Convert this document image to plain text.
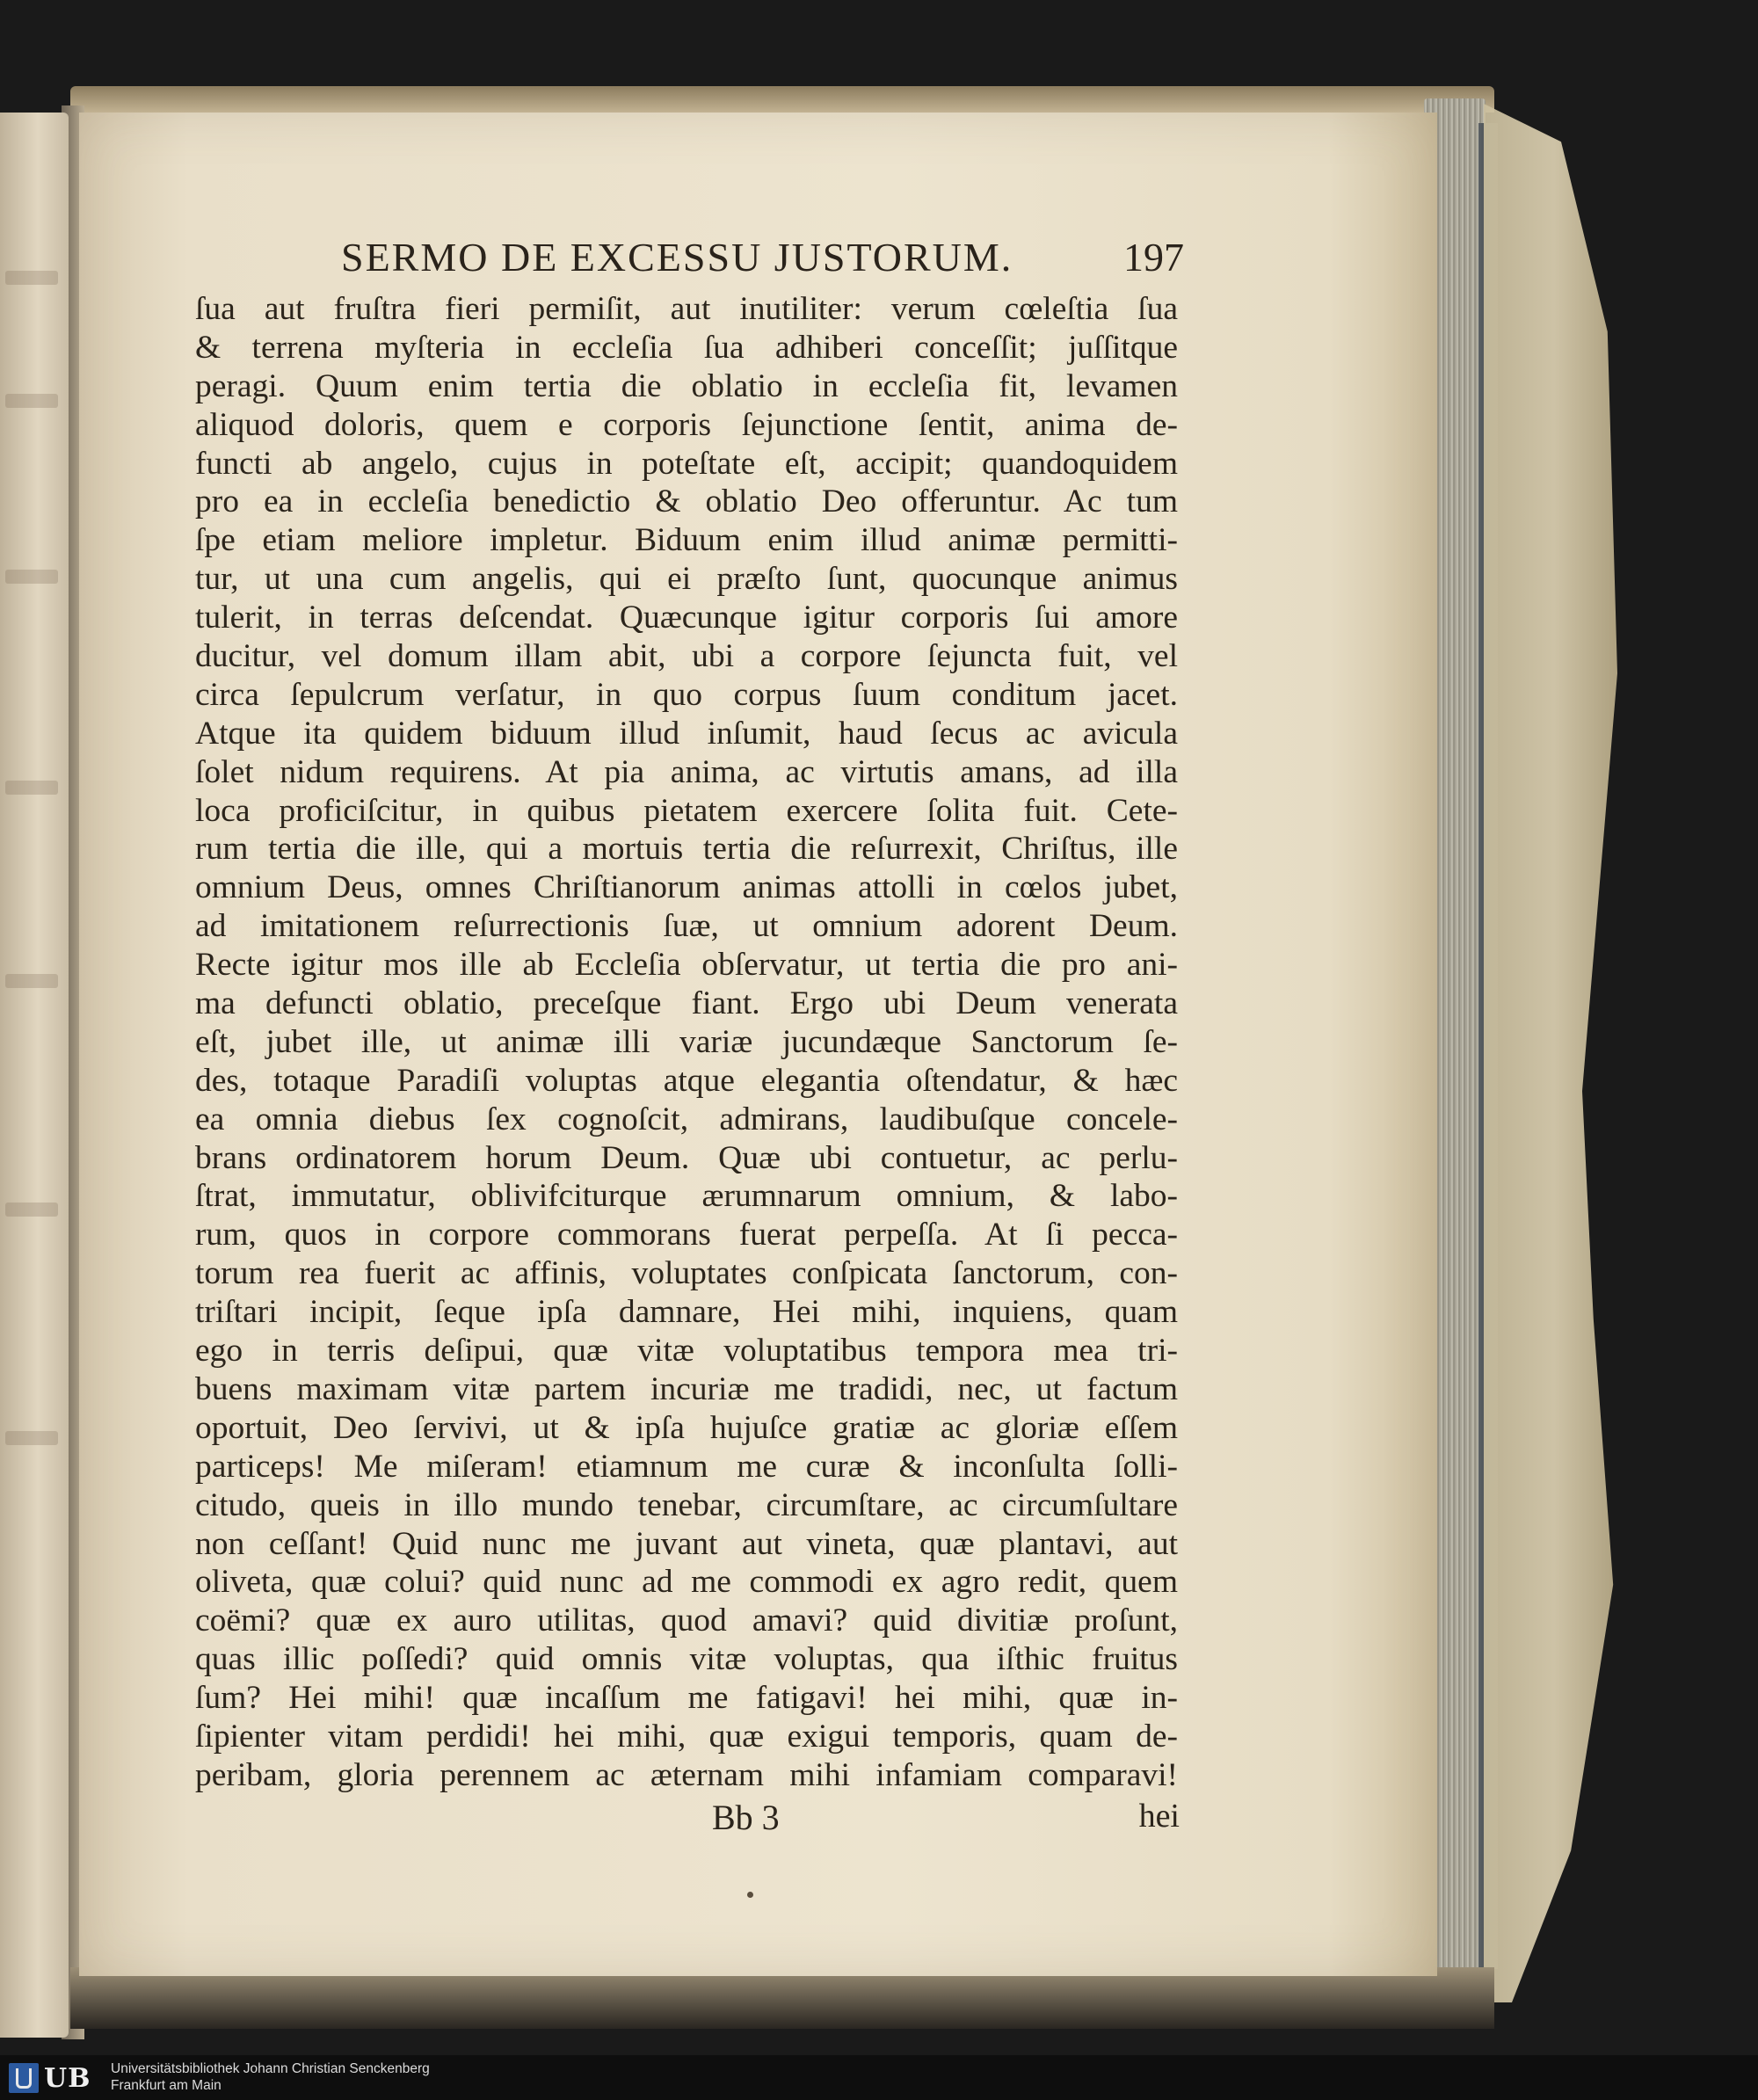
SERMO DE EXCESSU JUSTORUM.	197
ſua aut fruſtra fieri permiſit, aut inutiliter: verum cœleſtia ſua
& terrena myſteria in eccleſia ſua adhiberi conceſſit; juſſitque
peragi. Quum enim tertia die oblatio in eccleſia fit, levamen
aliquod doloris, quem e corporis ſejunctione ſentit, anima de-
functi ab angelo, cujus in poteſtate eſt, accipit; quandoquidem
pro ea in eccleſia benedictio & oblatio Deo offeruntur. Ac tum
ſpe etiam meliore impletur. Biduum enim illud animæ permitti-
tur, ut una cum angelis, qui ei præſto ſunt, quocunque animus
tulerit, in terras deſcendat. Quæcunque igitur corporis ſui amore
ducitur, vel domum illam abit, ubi a corpore ſejuncta fuit, vel
circa ſepulcrum verſatur, in quo corpus ſuum conditum jacet.
Atque ita quidem biduum illud inſumit, haud ſecus ac avicula
ſolet nidum requirens. At pia anima, ac virtutis amans, ad illa
loca proficiſcitur, in quibus pietatem exercere ſolita fuit. Cete-
rum tertia die ille, qui a mortuis tertia die reſurrexit, Chriſtus, ille
omnium Deus, omnes Chriſtianorum animas attolli in cœlos jubet,
ad imitationem reſurrectionis ſuæ, ut omnium adorent Deum.
Recte igitur mos ille ab Eccleſia obſervatur, ut tertia die pro ani-
ma defuncti oblatio, preceſque fiant. Ergo ubi Deum venerata
eſt, jubet ille, ut animæ illi variæ jucundæque Sanctorum ſe-
des, totaque Paradiſi voluptas atque elegantia oſtendatur, & hæc
ea omnia diebus ſex cognoſcit, admirans, laudibuſque concele-
brans ordinatorem horum Deum. Quæ ubi contuetur, ac perlu-
ſtrat, immutatur, oblivifciturque ærumnarum omnium, & labo-
rum, quos in corpore commorans fuerat perpeſſa. At ſi pecca-
torum rea fuerit ac affinis, voluptates conſpicata ſanctorum, con-
triſtari incipit, ſeque ipſa damnare, Hei mihi, inquiens, quam
ego in terris deſipui, quæ vitæ voluptatibus tempora mea tri-
buens maximam vitæ partem incuriæ me tradidi, nec, ut factum
oportuit, Deo ſervivi, ut & ipſa hujuſce gratiæ ac gloriæ eſſem
particeps! Me miſeram! etiamnum me curæ & inconſulta ſolli-
citudo, queis in illo mundo tenebar, circumſtare, ac circumſultare
non ceſſant! Quid nunc me juvant aut vineta, quæ plantavi, aut
oliveta, quæ colui? quid nunc ad me commodi ex agro redit, quem
coëmi? quæ ex auro utilitas, quod amavi? quid divitiæ proſunt,
quas illic poſſedi? quid omnis vitæ voluptas, qua iſthic fruitus
ſum? Hei mihi! quæ incaſſum me fatigavi! hei mihi, quæ in-
ſipienter vitam perdidi! hei mihi, quæ exigui temporis, quam de-
peribam, gloria perennem ac æternam mihi infamiam comparavi!
Bb 3	hei
UB Universitätsbibliothek Johann Christian Senckenberg
Frankfurt am Main
